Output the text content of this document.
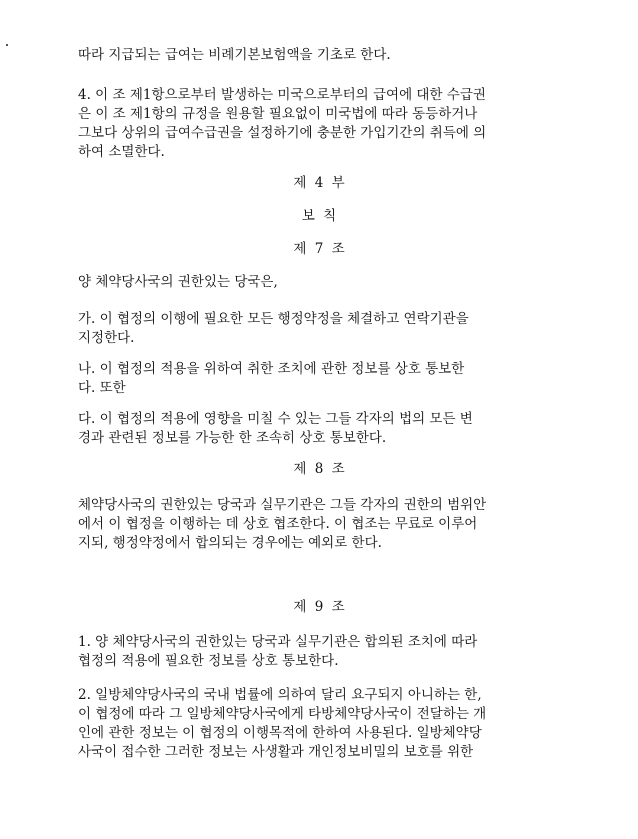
따라 지급되는 급여는 비례기본보험액을 기초로 한다.

4. 이 조 제1항으로부터 발생하는 미국으로부터의 급여에 대한 수급권
은 이 조 제1항의 규정을 원용할 필요없이 미국법에 따라 동등하거나
그보다 상위의 급여수급권을 설정하기에 충분한 가입기간의 취득에 의
하여 소멸한다.

제 4 부

보 칙

제 7 조

양 체약당사국의 권한있는 당국은,

가. 이 협정의 이행에 필요한 모든 행정약정을 체결하고 연락기관을
지정한다.

나. 이 협정의 적용을 위하여 취한 조치에 관한 정보를 상호 통보한
다. 또한

다. 이 협정의 적용에 영향을 미칠 수 있는 그들 각자의 법의 모든 변
경과 관련된 정보를 가능한 한 조속히 상호 통보한다.

제 8 조

체약당사국의 권한있는 당국과 실무기관은 그들 각자의 권한의 범위안
에서 이 협정을 이행하는 데 상호 협조한다. 이 협조는 무료로 이루어
지되, 행정약정에서 합의되는 경우에는 예외로 한다.

제 9 조

1. 양 체약당사국의 권한있는 당국과 실무기관은 합의된 조치에 따라
협정의 적용에 필요한 정보를 상호 통보한다.

2. 일방체약당사국의 국내 법률에 의하여 달리 요구되지 아니하는 한,
이 협정에 따라 그 일방체약당사국에게 타방체약당사국이 전달하는 개
인에 관한 정보는 이 협정의 이행목적에 한하여 사용된다. 일방체약당
사국이 접수한 그러한 정보는 사생활과 개인정보비밀의 보호를 위한
